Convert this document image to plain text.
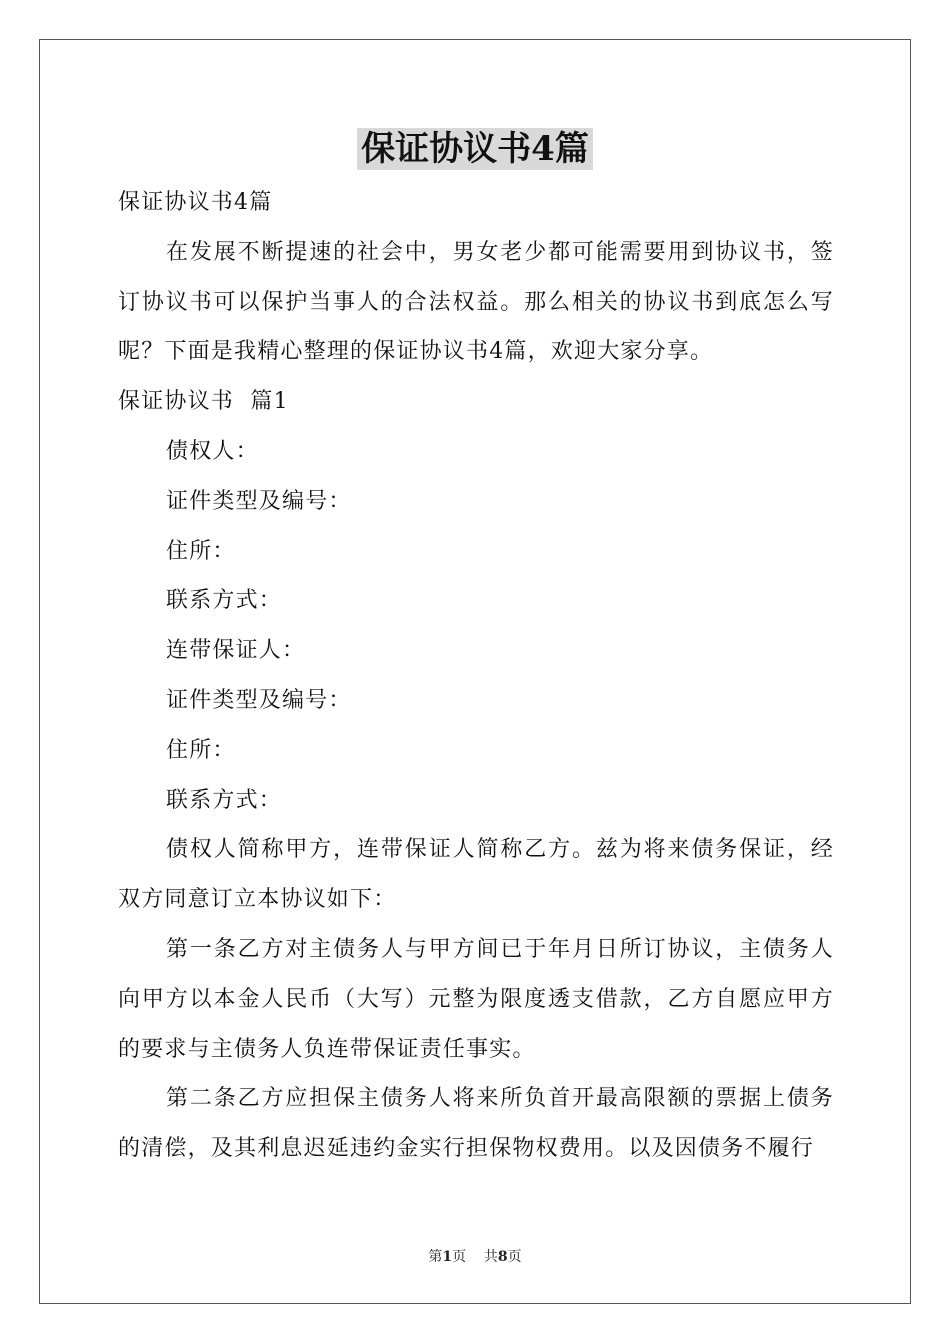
保证协议书4篇

保证协议书4篇

在发展不断提速的社会中，男女老少都可能需要用到协议书，签订协议书可以保护当事人的合法权益。那么相关的协议书到底怎么写呢？下面是我精心整理的保证协议书4篇，欢迎大家分享。

保证协议书  篇1

债权人：

证件类型及编号：

住所：

联系方式：

连带保证人：

证件类型及编号：

住所：

联系方式：

债权人简称甲方，连带保证人简称乙方。兹为将来债务保证，经双方同意订立本协议如下：

第一条乙方对主债务人与甲方间已于年月日所订协议，主债务人向甲方以本金人民币（大写）元整为限度透支借款，乙方自愿应甲方的要求与主债务人负连带保证责任事实。

第二条乙方应担保主债务人将来所负首开最高限额的票据上债务的清偿，及其利息迟延违约金实行担保物权费用。以及因债务不履行

第1页    共8页
